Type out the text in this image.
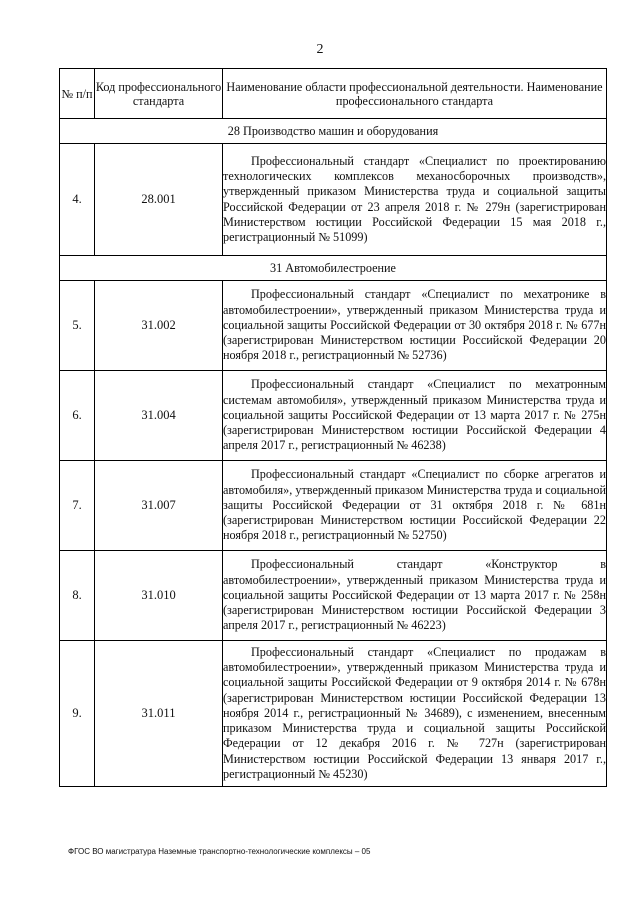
2
№ п/п	Код профессионального стандарта	Наименование области профессиональной деятельности. Наименование профессионального стандарта
28 Производство машин и оборудования		
4.	28.001	Профессиональный стандарт «Специалист по проектированию технологических комплексов механосборочных производств», утвержденный приказом Министерства труда и социальной защиты Российской Федерации от 23 апреля 2018 г. № 279н (зарегистрирован Министерством юстиции Российской Федерации 15 мая 2018 г., регистрационный № 51099)

31 Автомобилестроение		
5.	31.002	Профессиональный стандарт «Специалист по мехатронике в автомобилестроении», утвержденный приказом Министерства труда и социальной защиты Российской Федерации от 30 октября 2018 г. № 677н (зарегистрирован Министерством юстиции Российской Федерации 20 ноября 2018 г., регистрационный № 52736)

6.	31.004	Профессиональный стандарт «Специалист по мехатронным системам автомобиля», утвержденный приказом Министерства труда и социальной защиты Российской Федерации от 13 марта 2017 г. № 275н (зарегистрирован Министерством юстиции Российской Федерации 4 апреля 2017 г., регистрационный № 46238)

7.	31.007	Профессиональный стандарт «Специалист по сборке агрегатов и автомобиля», утвержденный приказом Министерства труда и социальной защиты Российской Федерации от 31 октября 2018 г. № 681н (зарегистрирован Министерством юстиции Российской Федерации 22 ноября 2018 г., регистрационный № 52750)

8.	31.010	Профессиональный стандарт «Конструктор в автомобилестроении», утвержденный приказом Министерства труда и социальной защиты Российской Федерации от 13 марта 2017 г. № 258н (зарегистрирован Министерством юстиции Российской Федерации 3 апреля 2017 г., регистрационный № 46223)

9.	31.011	Профессиональный стандарт «Специалист по продажам в автомобилестроении», утвержденный приказом Министерства труда и социальной защиты Российской Федерации от 9 октября 2014 г. № 678н (зарегистрирован Министерством юстиции Российской Федерации 13 ноября 2014 г., регистрационный № 34689), с изменением, внесенным приказом Министерства труда и социальной защиты Российской Федерации от 12 декабря 2016 г. № 727н (зарегистрирован Министерством юстиции Российской Федерации 13 января 2017 г., регистрационный № 45230)
ФГОС ВО магистратура Наземные транспортно-технологические комплексы – 05
